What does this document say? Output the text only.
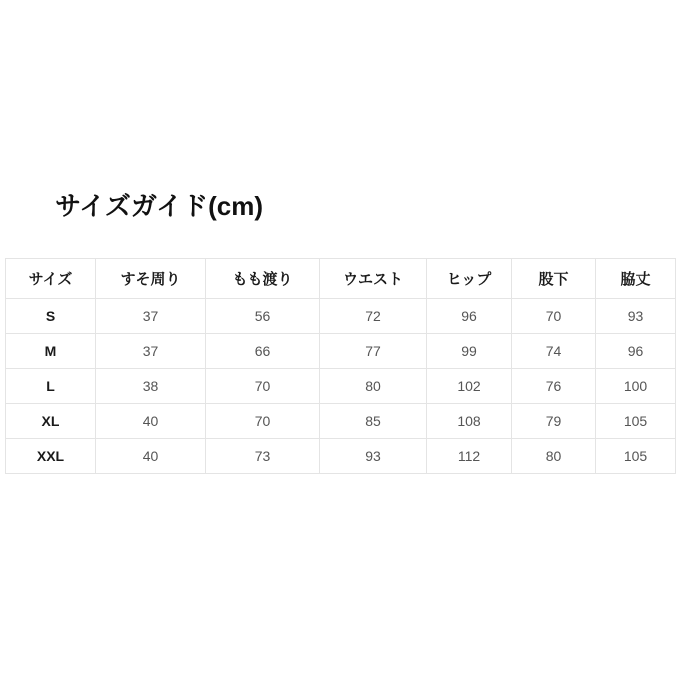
サイズガイド(cm)
サイズ	すそ周り	もも渡り	ウエスト	ヒップ	股下	脇丈
S	37	56	72	96	70	93
M	37	66	77	99	74	96
L	38	70	80	102	76	100
XL	40	70	85	108	79	105
XXL	40	73	93	112	80	105
